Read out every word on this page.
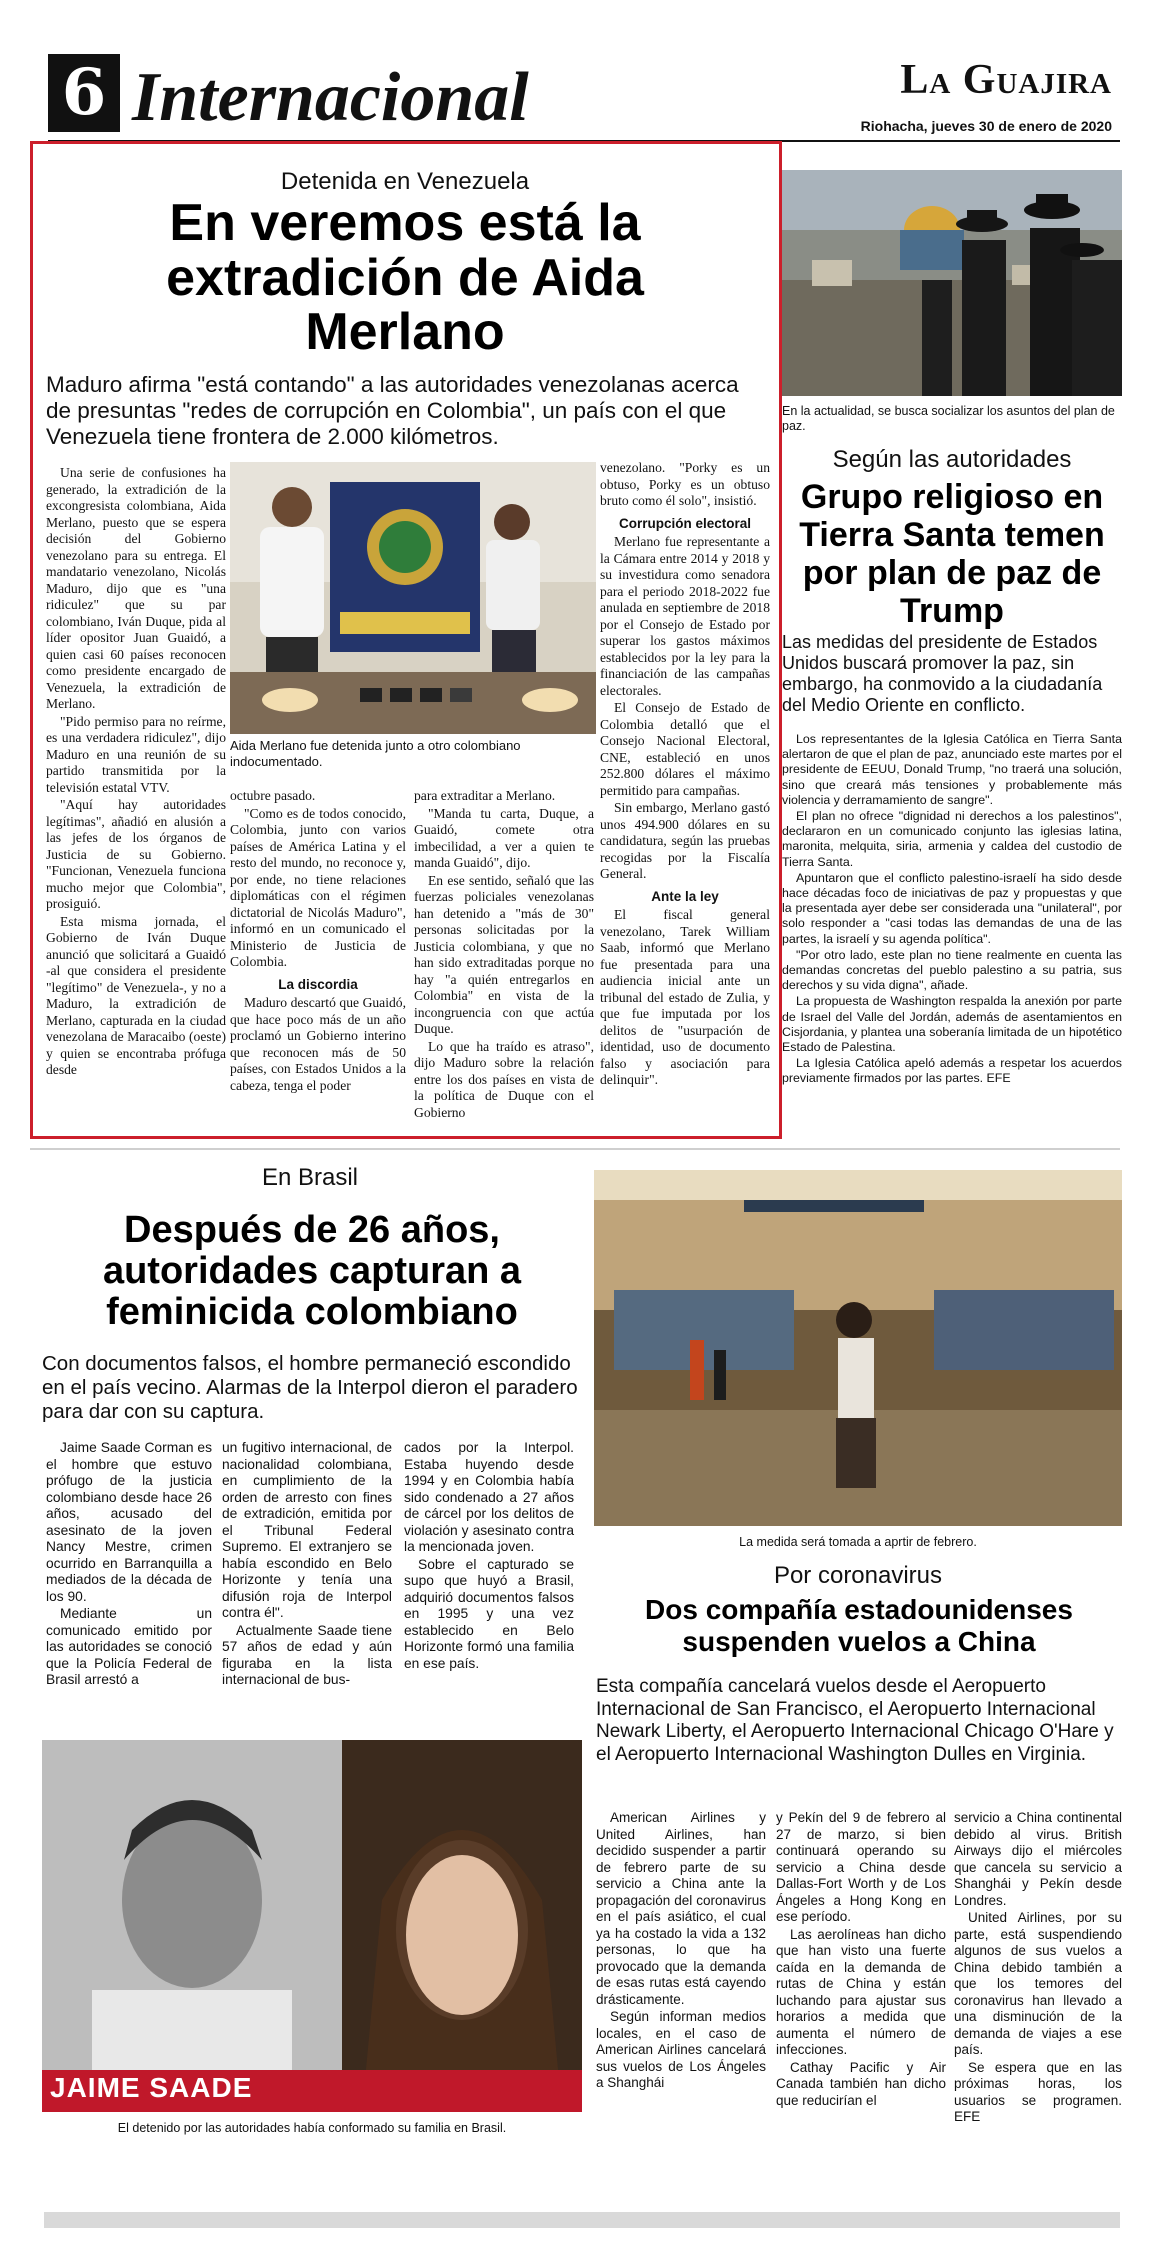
6 Internacional	La Guajira
Riohacha, jueves 30 de enero de 2020
Detenida en Venezuela
En veremos está la extradición de Aida Merlano
Maduro afirma "está contando" a las autoridades venezolanas acerca de presuntas "redes de corrupción en Colombia", un país con el que Venezuela tiene frontera de 2.000 kilómetros.

Una serie de confusiones ha generado, la extradición de la excongresista colombiana, Aida Merlano, puesto que se espera decisión del Gobierno venezolano para su entrega. El mandatario venezolano, Nicolás Maduro, dijo que es "una ridiculez" que su par colombiano, Iván Duque, pida al líder opositor Juan Guaidó, a quien casi 60 países reconocen como presidente encargado de Venezuela, la extradición de Merlano.

"Pido permiso para no reírme, es una verdadera ridiculez", dijo Maduro en una reunión de su partido transmitida por la televisión estatal VTV.

"Aquí hay autoridades legítimas", añadió en alusión a las jefes de los órganos de Justicia de su Gobierno. "Funcionan, Venezuela funciona mucho mejor que Colombia", prosiguió.

Esta misma jornada, el Gobierno de Iván Duque anunció que solicitará a Guaidó -al que considera el presidente "legítimo" de Venezuela-, y no a Maduro, la extradición de Merlano, capturada en la ciudad venezolana de Maracaibo (oeste) y quien se encontraba prófuga desde

Aida Merlano fue detenida junto a otro colombiano indocumentado.

octubre pasado.

"Como es de todos conocido, Colombia, junto con varios países de América Latina y el resto del mundo, no reconoce y, por ende, no tiene relaciones diplomáticas con el régimen dictatorial de Nicolás Maduro", informó en un comunicado el Ministerio de Justicia de Colombia.

La discordia

Maduro descartó que Guaidó, que hace poco más de un año proclamó un Gobierno interino que reconocen más de 50 países, con Estados Unidos a la cabeza, tenga el poder

para extraditar a Merlano.

"Manda tu carta, Duque, a Guaidó, comete otra imbecilidad, a ver a quien te manda Guaidó", dijo.

En ese sentido, señaló que las fuerzas policiales venezolanas han detenido a "más de 30" personas solicitadas por la Justicia colombiana, y que no han sido extraditadas porque no hay "a quién entregarlos en Colombia" en vista de la incongruencia con que actúa Duque.

Lo que ha traído es atraso", dijo Maduro sobre la relación entre los dos países en vista de la política de Duque con el Gobierno

venezolano. "Porky es un obtuso, Porky es un obtuso bruto como él solo", insistió.

Corrupción electoral

Merlano fue representante a la Cámara entre 2014 y 2018 y su investidura como senadora para el periodo 2018-2022 fue anulada en septiembre de 2018 por el Consejo de Estado por superar los gastos máximos establecidos por la ley para la financiación de las campañas electorales.

El Consejo de Estado de Colombia detalló que el Consejo Nacional Electoral, CNE, estableció en unos 252.800 dólares el máximo permitido para campañas.

Sin embargo, Merlano gastó unos 494.900 dólares en su candidatura, según las pruebas recogidas por la Fiscalía General.

Ante la ley

El fiscal general venezolano, Tarek William Saab, informó que Merlano fue presentada para una audiencia inicial ante un tribunal del estado de Zulia, y que fue imputada por los delitos de "usurpación de identidad, uso de documento falso y asociación para delinquir".

En la actualidad, se busca socializar los asuntos del plan de paz.
Según las autoridades
Grupo religioso en Tierra Santa temen por plan de paz de Trump
Las medidas del presidente de Estados Unidos buscará promover la paz, sin embargo, ha conmovido a la ciudadanía del Medio Oriente en conflicto.

Los representantes de la Iglesia Católica en Tierra Santa alertaron de que el plan de paz, anunciado este martes por el presidente de EEUU, Donald Trump, "no traerá una solución, sino que creará más tensiones y probablemente más violencia y derramamiento de sangre".

El plan no ofrece "dignidad ni derechos a los palestinos", declararon en un comunicado conjunto las iglesias latina, maronita, melquita, siria, armenia y caldea del custodio de Tierra Santa.

Apuntaron que el conflicto palestino-israelí ha sido desde hace décadas foco de iniciativas de paz y propuestas y que la presentada ayer debe ser considerada una "unilateral", por solo responder a "casi todas las demandas de una de las partes, la israelí y su agenda política".

"Por otro lado, este plan no tiene realmente en cuenta las demandas concretas del pueblo palestino a su patria, sus derechos y su vida digna", añade.

La propuesta de Washington respalda la anexión por parte de Israel del Valle del Jordán, además de asentamientos en Cisjordania, y plantea una soberanía limitada de un hipotético Estado de Palestina.

La Iglesia Católica apeló además a respetar los acuerdos previamente firmados por las partes. EFE

En Brasil
Después de 26 años, autoridades capturan a feminicida colombiano
Con documentos falsos, el hombre permaneció escondido en el país vecino. Alarmas de la Interpol dieron el paradero para dar con su captura.

Jaime Saade Corman es el hombre que estuvo prófugo de la justicia colombiano desde hace 26 años, acusado del asesinato de la joven Nancy Mestre, crimen ocurrido en Barranquilla a mediados de la década de los 90.

Mediante un comunicado emitido por las autoridades se conoció que la Policía Federal de Brasil arrestó a

un fugitivo internacional, de nacionalidad colombiana, en cumplimiento de la orden de arresto con fines de extradición, emitida por el Tribunal Federal Supremo. El extranjero se había escondido en Belo Horizonte y tenía una difusión roja de Interpol contra él".

Actualmente Saade tiene 57 años de edad y aún figuraba en la lista internacional de bus-

cados por la Interpol. Estaba huyendo desde 1994 y en Colombia había sido condenado a 27 años de cárcel por los delitos de violación y asesinato contra la mencionada joven.

Sobre el capturado se supo que huyó a Brasil, adquirió documentos falsos en 1995 y una vez establecido en Belo Horizonte formó una familia en ese país.

JAIME SAADE
El detenido por las autoridades había conformado su familia en Brasil.
La medida será tomada a aprtir de febrero.
Por coronavirus
Dos compañía estadounidenses suspenden vuelos a China
Esta compañía cancelará vuelos desde el Aeropuerto Internacional de San Francisco, el Aeropuerto Internacional Newark Liberty, el Aeropuerto Internacional Chicago O'Hare y el Aeropuerto Internacional Washington Dulles en Virginia.

American Airlines y United Airlines, han decidido suspender a partir de febrero parte de su servicio a China ante la propagación del coronavirus en el país asiático, el cual ya ha costado la vida a 132 personas, lo que ha provocado que la demanda de esas rutas está cayendo drásticamente.

Según informan medios locales, en el caso de American Airlines cancelará sus vuelos de Los Ángeles a Shanghái

y Pekín del 9 de febrero al 27 de marzo, si bien continuará operando su servicio a China desde Dallas-Fort Worth y de Los Ángeles a Hong Kong en ese período.

Las aerolíneas han dicho que han visto una fuerte caída en la demanda de rutas de China y están luchando para ajustar sus horarios a medida que aumenta el número de infecciones.

Cathay Pacific y Air Canada también han dicho que reducirían el

servicio a China continental debido al virus. British Airways dijo el miércoles que cancela su servicio a Shanghái y Pekín desde Londres.

United Airlines, por su parte, está suspendiendo algunos de sus vuelos a China debido también a que los temores del coronavirus han llevado a una disminución de la demanda de viajes a ese país.

Se espera que en las próximas horas, los usuarios se programen. EFE
